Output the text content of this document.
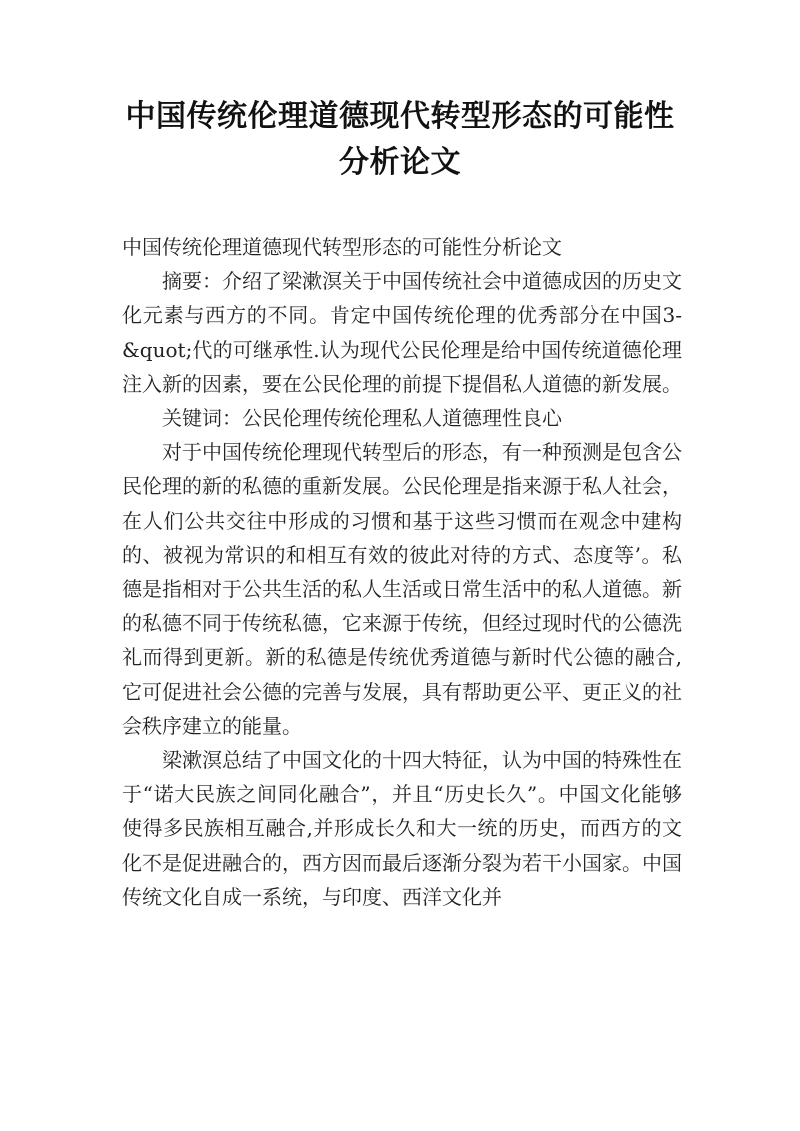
中国传统伦理道德现代转型形态的可能性
分析论文

中国传统伦理道德现代转型形态的可能性分析论文

摘要：介绍了梁漱溟关于中国传统社会中道德成因的历史文化元素与西方的不同。肯定中国传统伦理的优秀部分在中国3-&quot;代的可继承性.认为现代公民伦理是给中国传统道德伦理注入新的因素，要在公民伦理的前提下提倡私人道德的新发展。

关键词：公民伦理传统伦理私人道德理性良心

对于中国传统伦理现代转型后的形态，有一种预测是包含公民伦理的新的私德的重新发展。公民伦理是指来源于私人社会，在人们公共交往中形成的习惯和基于这些习惯而在观念中建构的、被视为常识的和相互有效的彼此对待的方式、态度等’。私德是指相对于公共生活的私人生活或日常生活中的私人道德。新的私德不同于传统私德，它来源于传统，但经过现时代的公德洗礼而得到更新。新的私德是传统优秀道德与新时代公德的融合,它可促进社会公德的完善与发展，具有帮助更公平、更正义的社会秩序建立的能量。

梁漱溟总结了中国文化的十四大特征，认为中国的特殊性在于“诺大民族之间同化融合”，并且“历史长久”。中国文化能够使得多民族相互融合,并形成长久和大一统的历史，而西方的文化不是促进融合的，西方因而最后逐渐分裂为若干小国家。中国传统文化自成一系统，与印度、西洋文化并
